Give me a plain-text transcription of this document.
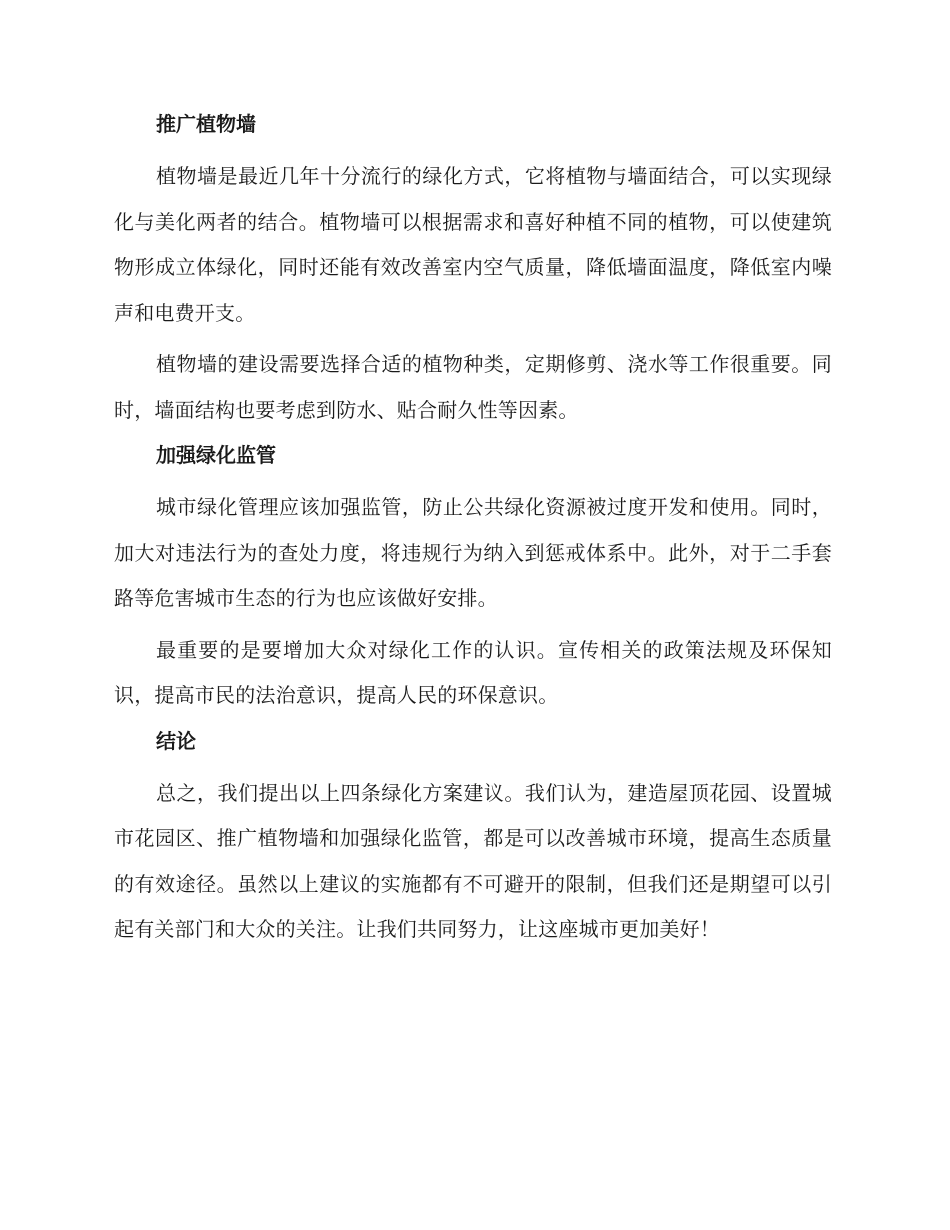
推广植物墙

植物墙是最近几年十分流行的绿化方式，它将植物与墙面结合，可以实现绿化与美化两者的结合。植物墙可以根据需求和喜好种植不同的植物，可以使建筑物形成立体绿化，同时还能有效改善室内空气质量，降低墙面温度，降低室内噪声和电费开支。

植物墙的建设需要选择合适的植物种类，定期修剪、浇水等工作很重要。同时，墙面结构也要考虑到防水、贴合耐久性等因素。

加强绿化监管

城市绿化管理应该加强监管，防止公共绿化资源被过度开发和使用。同时，加大对违法行为的查处力度，将违规行为纳入到惩戒体系中。此外，对于二手套路等危害城市生态的行为也应该做好安排。

最重要的是要增加大众对绿化工作的认识。宣传相关的政策法规及环保知识，提高市民的法治意识，提高人民的环保意识。

结论

总之，我们提出以上四条绿化方案建议。我们认为，建造屋顶花园、设置城市花园区、推广植物墙和加强绿化监管，都是可以改善城市环境，提高生态质量的有效途径。虽然以上建议的实施都有不可避开的限制，但我们还是期望可以引起有关部门和大众的关注。让我们共同努力，让这座城市更加美好！
